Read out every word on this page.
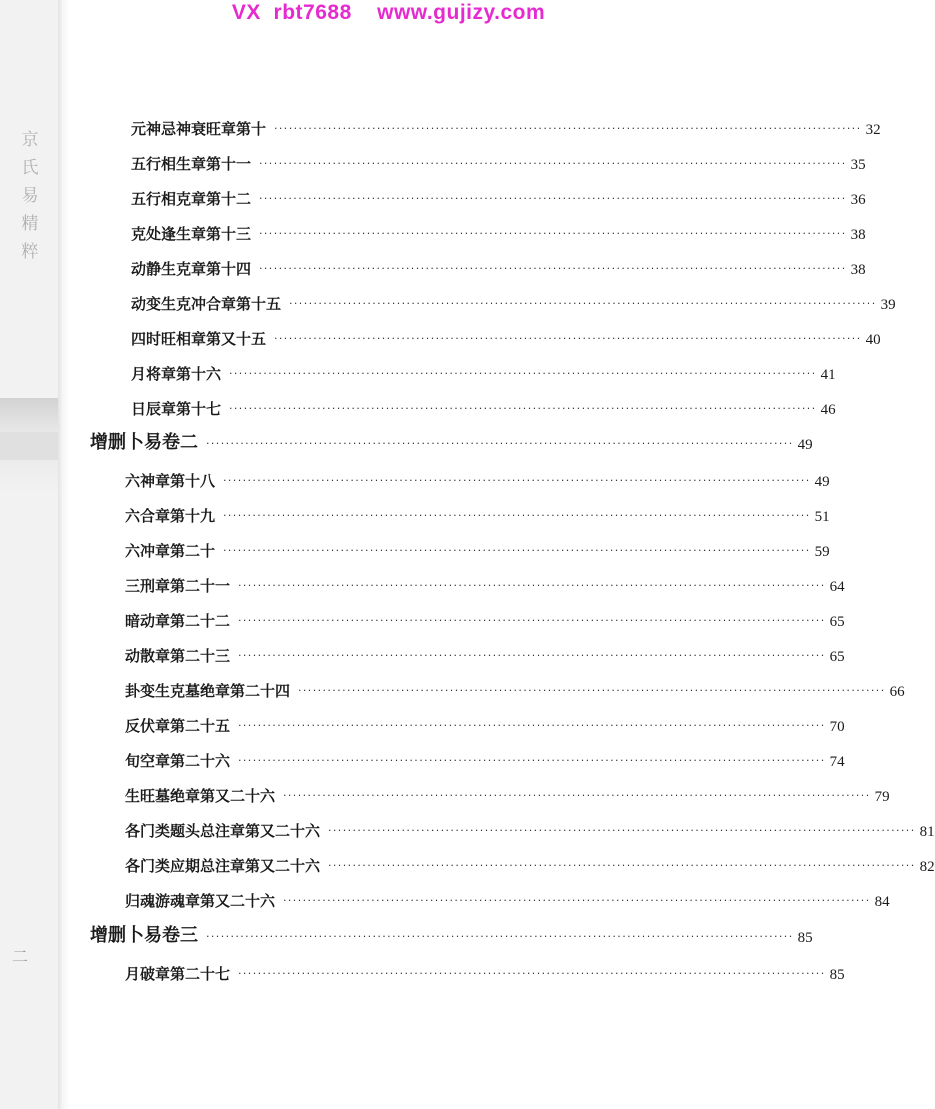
VX  rbt7688    www.gujizy.com
京
氏
易
精
粹
二
元神忌神衰旺章第十 ························································································································ 32
五行相生章第十一 ························································································································ 35
五行相克章第十二 ························································································································ 36
克处逢生章第十三 ························································································································ 38
动静生克章第十四 ························································································································ 38
动变生克冲合章第十五 ························································································································ 39
四时旺相章第又十五 ························································································································ 40
月将章第十六 ························································································································ 41
日辰章第十七 ························································································································ 46
增删卜易卷二 ························································································································ 49
六神章第十八 ························································································································ 49
六合章第十九 ························································································································ 51
六冲章第二十 ························································································································ 59
三刑章第二十一 ························································································································ 64
暗动章第二十二 ························································································································ 65
动散章第二十三 ························································································································ 65
卦变生克墓绝章第二十四 ························································································································ 66
反伏章第二十五 ························································································································ 70
旬空章第二十六 ························································································································ 74
生旺墓绝章第又二十六 ························································································································ 79
各门类题头总注章第又二十六 ························································································································ 81
各门类应期总注章第又二十六 ························································································································ 82
归魂游魂章第又二十六 ························································································································ 84
增删卜易卷三 ························································································································ 85
月破章第二十七 ························································································································ 85
